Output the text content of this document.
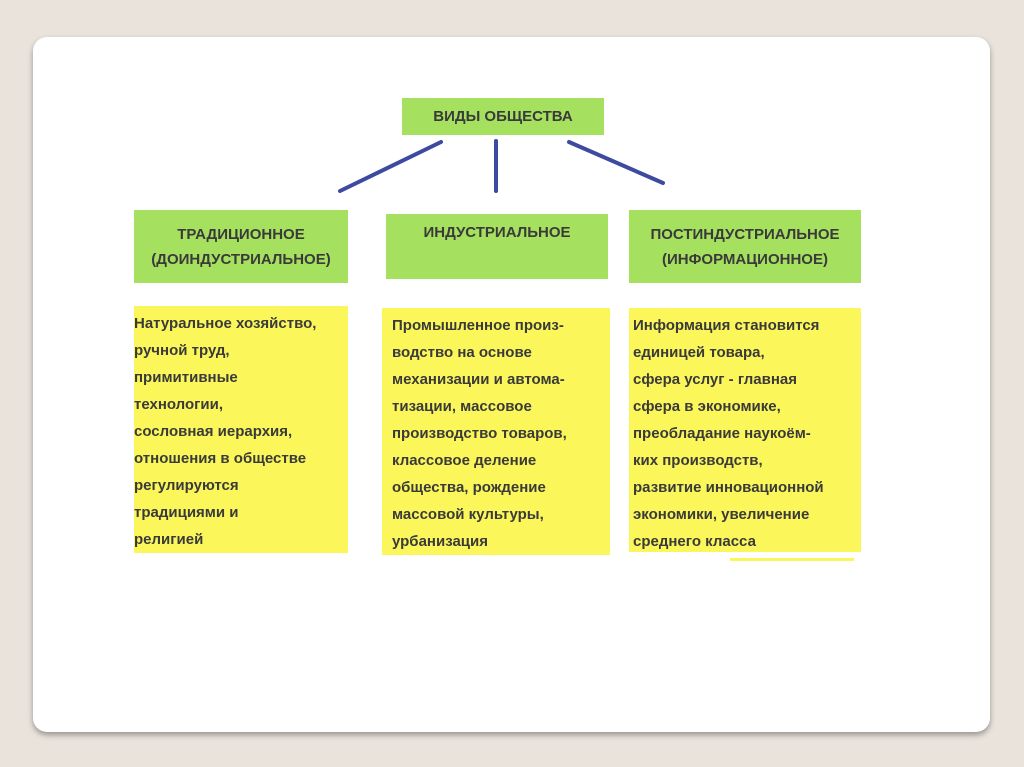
ВИДЫ ОБЩЕСТВА
ТРАДИЦИОННОЕ
(ДОИНДУСТРИАЛЬНОЕ)
ИНДУСТРИАЛЬНОЕ	ПОСТИНДУСТРИАЛЬНОЕ
(ИНФОРМАЦИОННОЕ)
Натуральное хозяйство,
ручной труд,
примитивные
технологии,
сословная иерархия,
отношения в обществе
регулируются
традициями и
религией
Промышленное произ-
водство на основе
механизации и автома-
тизации, массовое
производство товаров,
классовое деление
общества, рождение
массовой культуры,
урбанизация
Информация становится
единицей товара,
сфера услуг - главная
сфера в экономике,
преобладание наукоём-
ких производств,
развитие инновационной
экономики, увеличение
среднего класса
